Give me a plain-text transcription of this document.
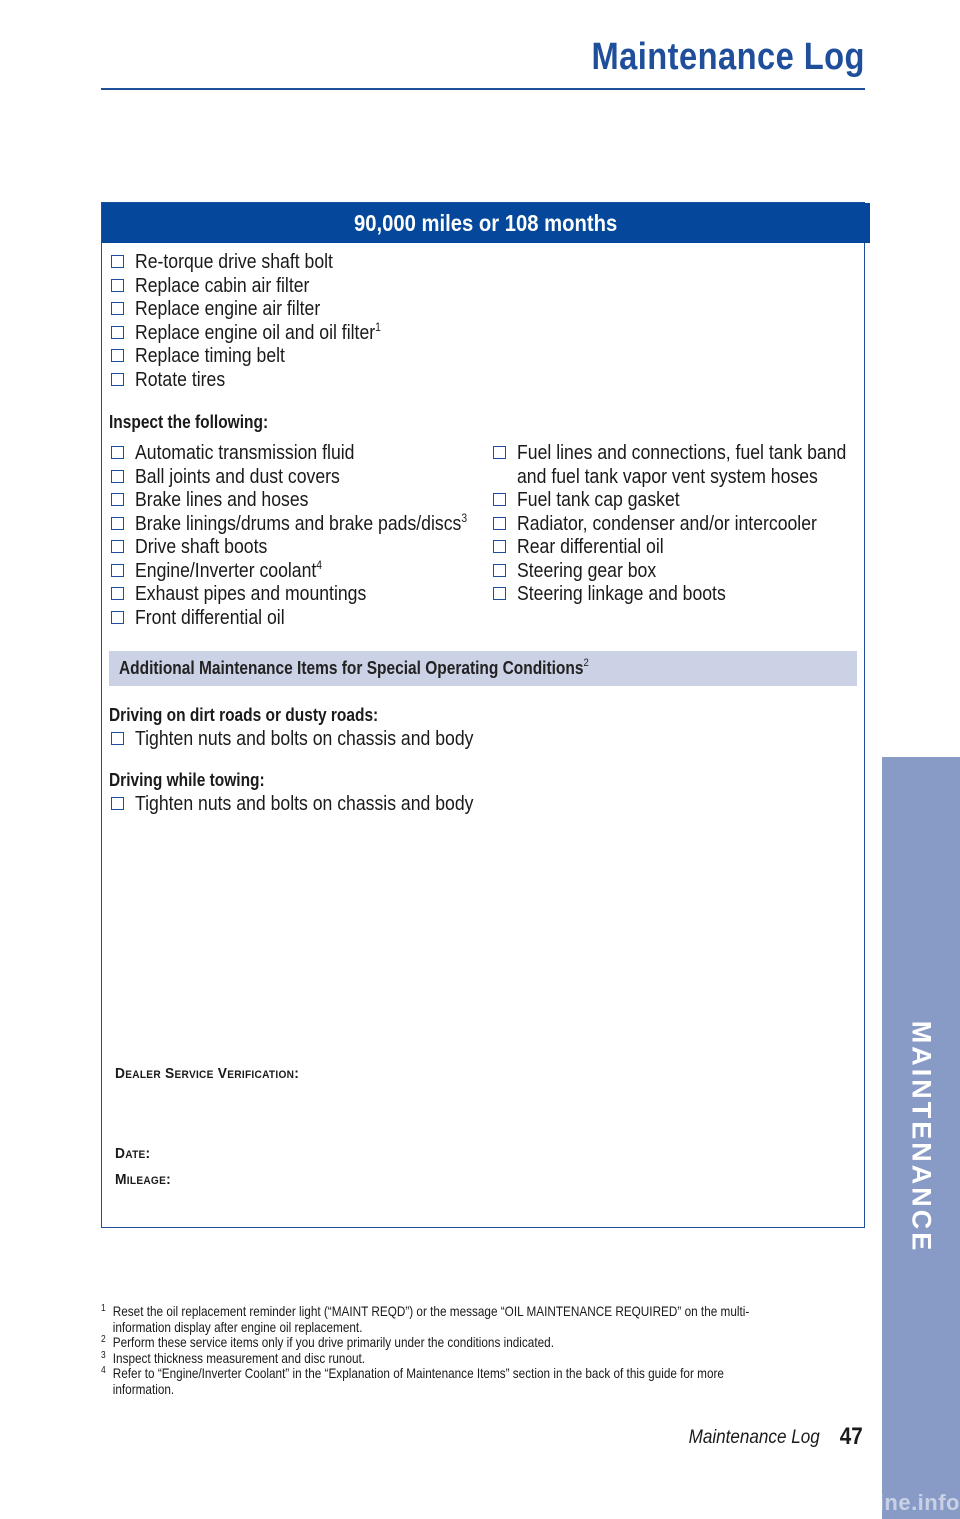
Maintenance Log
90,000 miles or 108 months
Re-torque drive shaft bolt
Replace cabin air filter
Replace engine air filter
Replace engine oil and oil filter$^1$
Replace timing belt
Rotate tires
Inspect the following:
Automatic transmission fluid
Ball joints and dust covers
Brake lines and hoses
Brake linings/drums and brake pads/discs$^3$
Drive shaft boots
Engine/Inverter coolant$^4$
Exhaust pipes and mountings
Front differential oil
Fuel lines and connections, fuel tank band
and fuel tank vapor vent system hoses
Fuel tank cap gasket
Radiator, condenser and/or intercooler
Rear differential oil
Steering gear box
Steering linkage and boots
Additional Maintenance Items for Special Operating Conditions$^2$
Driving on dirt roads or dusty roads:
Tighten nuts and bolts on chassis and body
Driving while towing:
Tighten nuts and bolts on chassis and body
Dealer Service Verification:
Date:
Mileage:
1 Reset the oil replacement reminder light (“MAINT REQD”) or the message “OIL MAINTENANCE REQUIRED” on the multi-information display after engine oil replacement.
2 Perform these service items only if you drive primarily under the conditions indicated.
3 Inspect thickness measurement and disc runout.
4 Refer to “Engine/Inverter Coolant” in the “Explanation of Maintenance Items” section in the back of this guide for more information.
Maintenance Log 47
MAINTENANCE
carmanualsonline.info
